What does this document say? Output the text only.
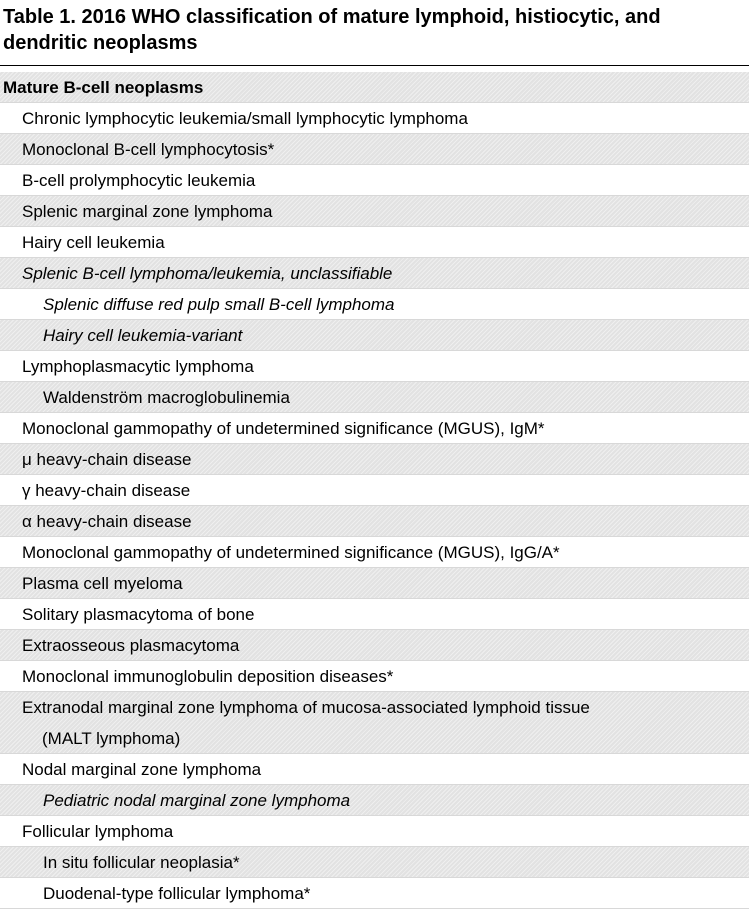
Table 1. 2016 WHO classification of mature lymphoid, histiocytic, and dendritic neoplasms
Mature B-cell neoplasms
Chronic lymphocytic leukemia/small lymphocytic lymphoma
Monoclonal B-cell lymphocytosis*
B-cell prolymphocytic leukemia
Splenic marginal zone lymphoma
Hairy cell leukemia
Splenic B-cell lymphoma/leukemia, unclassifiable
Splenic diffuse red pulp small B-cell lymphoma
Hairy cell leukemia-variant
Lymphoplasmacytic lymphoma
Waldenström macroglobulinemia
Monoclonal gammopathy of undetermined significance (MGUS), IgM*
μ heavy-chain disease
γ heavy-chain disease
α heavy-chain disease
Monoclonal gammopathy of undetermined significance (MGUS), IgG/A*
Plasma cell myeloma
Solitary plasmacytoma of bone
Extraosseous plasmacytoma
Monoclonal immunoglobulin deposition diseases*
Extranodal marginal zone lymphoma of mucosa-associated lymphoid tissue
(MALT lymphoma)
Nodal marginal zone lymphoma
Pediatric nodal marginal zone lymphoma
Follicular lymphoma
In situ follicular neoplasia*
Duodenal-type follicular lymphoma*
